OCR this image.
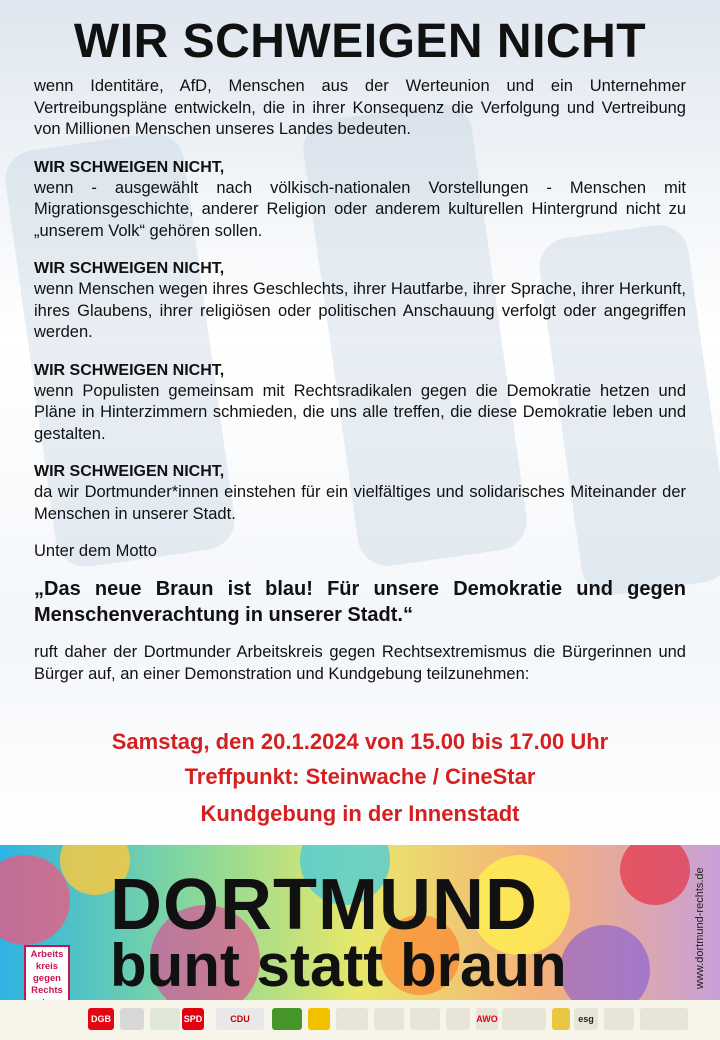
WIR SCHWEIGEN NICHT

wenn Identitäre, AfD, Menschen aus der Werteunion und ein Unternehmer Vertreibungspläne entwickeln, die in ihrer Konsequenz die Verfolgung und Vertreibung von Millionen Menschen unseres Landes bedeuten.

WIR SCHWEIGEN NICHT,

wenn - ausgewählt nach völkisch-nationalen Vorstellungen - Menschen mit Migrationsgeschichte, anderer Religion oder anderem kulturellen Hintergrund nicht zu „unserem Volk“ gehören sollen.

WIR SCHWEIGEN NICHT,

wenn Menschen wegen ihres Geschlechts, ihrer Hautfarbe, ihrer Sprache, ihrer Herkunft, ihres Glaubens, ihrer religiösen oder politischen Anschauung verfolgt oder angegriffen werden.

WIR SCHWEIGEN NICHT,

wenn Populisten gemeinsam mit Rechtsradikalen gegen die Demokratie hetzen und Pläne in Hinterzimmern schmieden, die uns alle treffen, die diese Demokratie leben und gestalten.

WIR SCHWEIGEN NICHT,

da wir Dortmunder*innen einstehen für ein vielfältiges und solidarisches Miteinander der Menschen in unserer Stadt.

Unter dem Motto

„Das neue Braun ist blau! Für unsere Demokratie und gegen Menschenverachtung in unserer Stadt.“

ruft daher der Dortmunder Arbeitskreis gegen Rechtsextremismus die Bürgerinnen und Bürger auf, an einer Demonstration und Kundgebung teilzunehmen:

Samstag, den 20.1.2024 von 15.00 bis 17.00 Uhr

Treffpunkt: Steinwache / CineStar

Kundgebung in der Innenstadt

DORTMUND
bunt statt braun	www.dortmund-rechts.de
Arbeits
kreis
gegen
Rechts
DGB	SPD	CDU	AWO	esg
